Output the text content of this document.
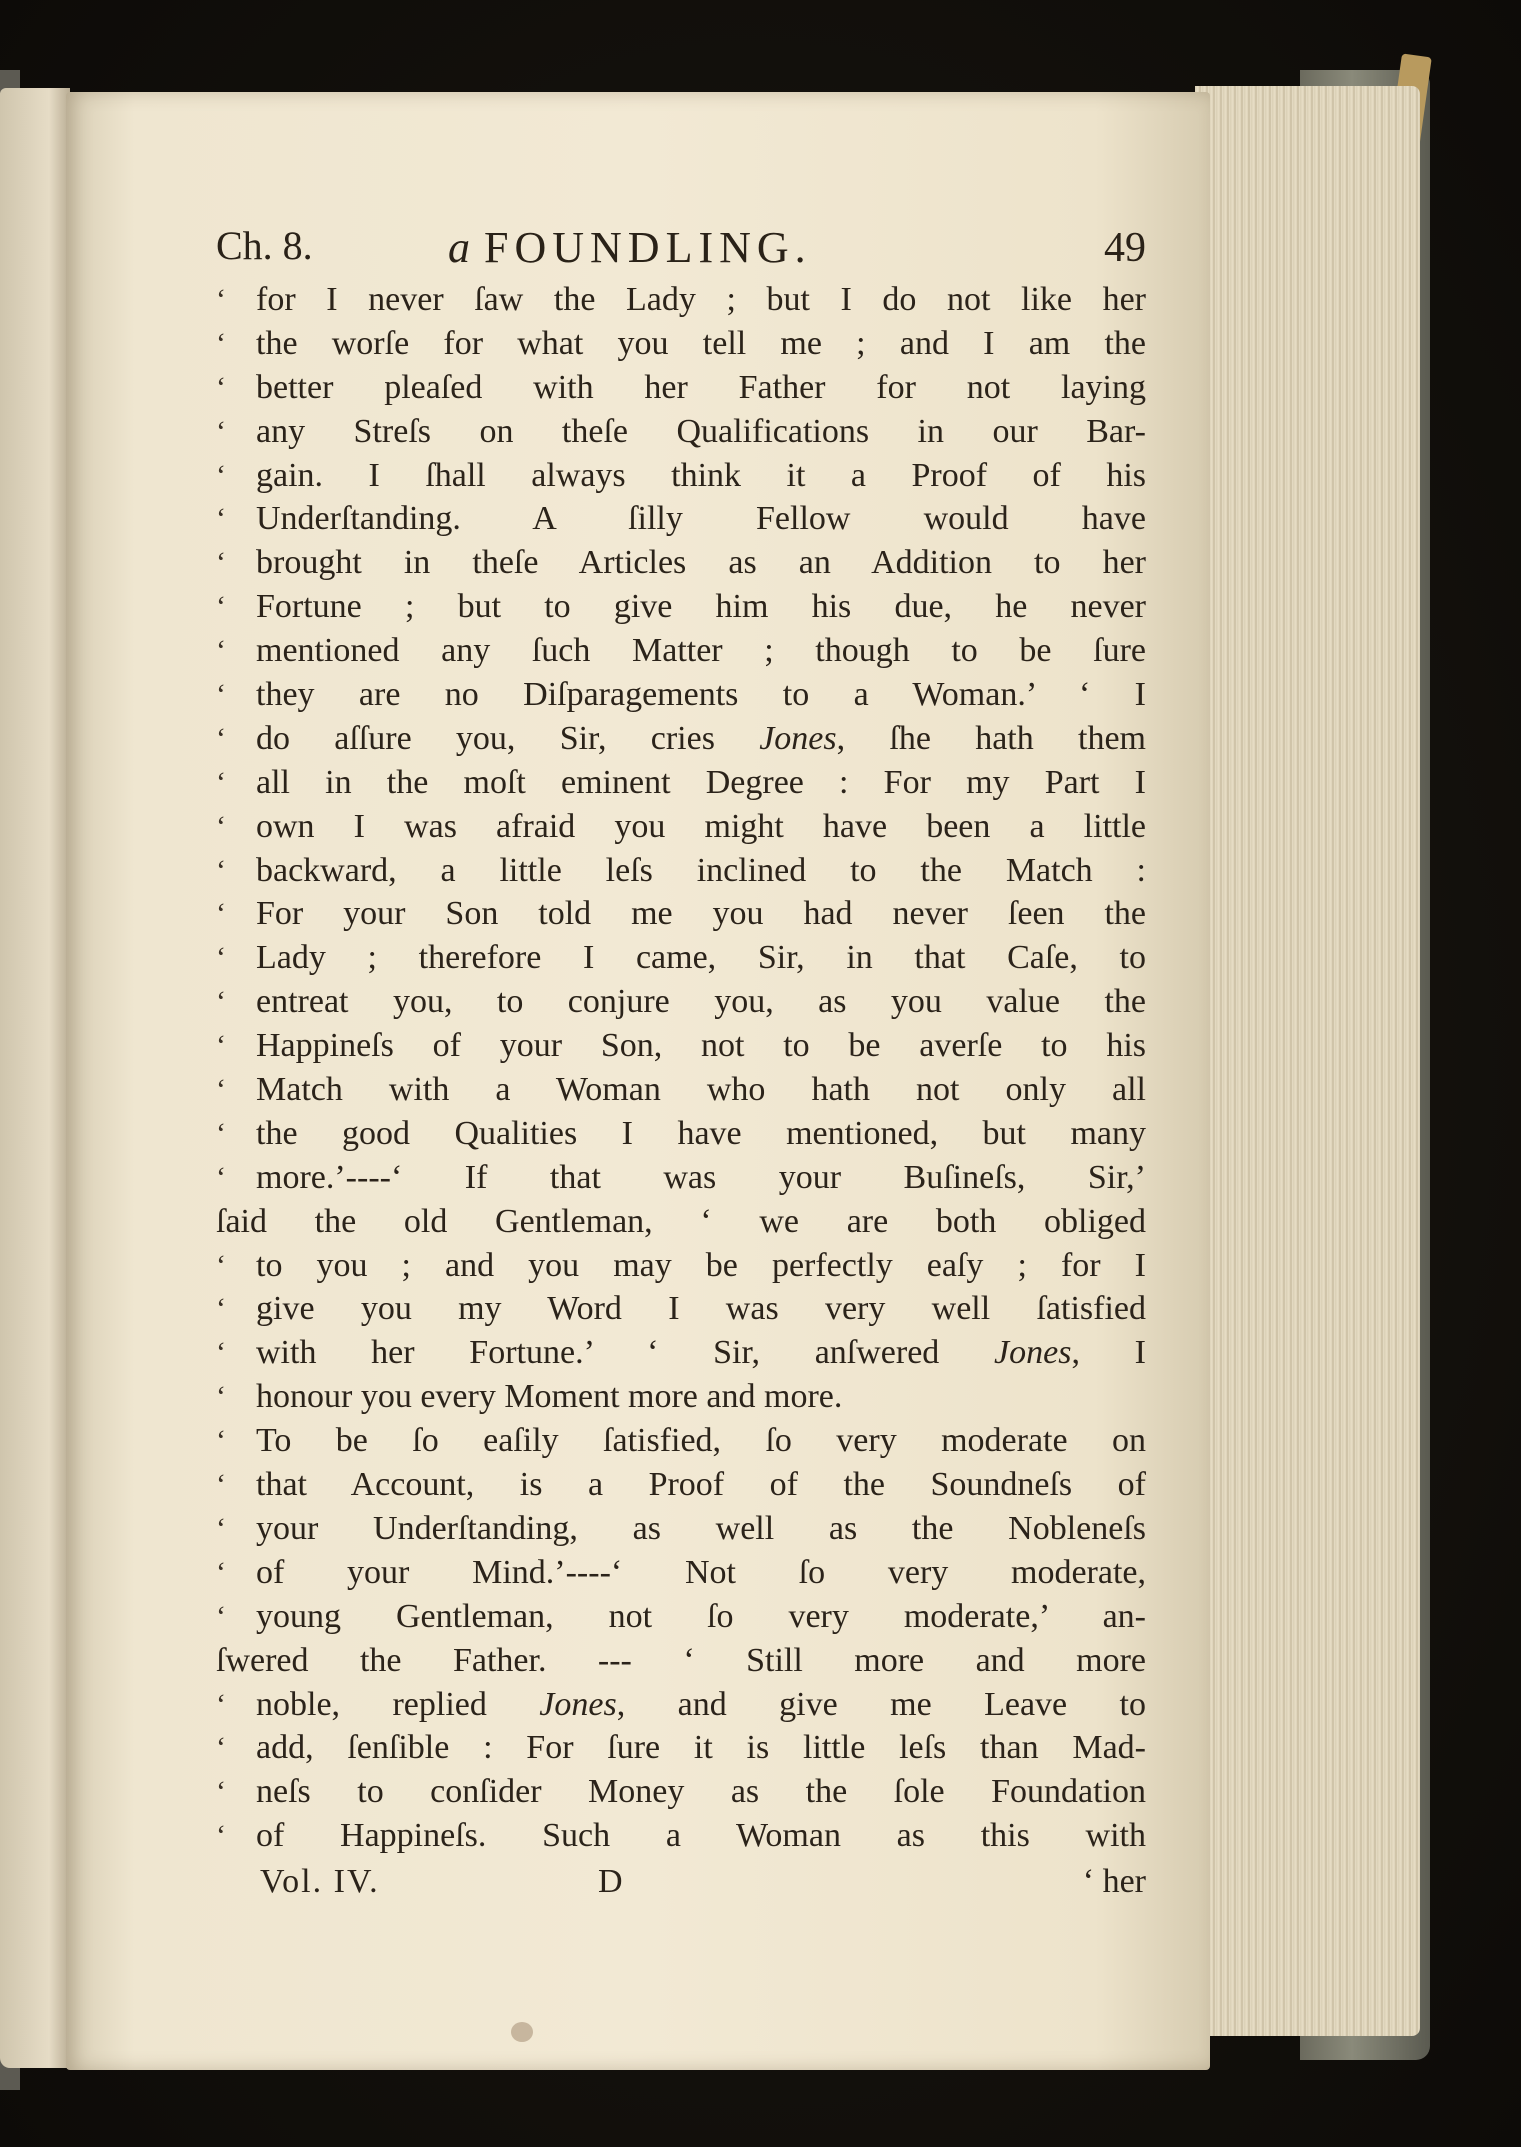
Ch. 8.	a FOUNDLING.	49
‘ for I never ſaw the Lady ; but I do not like her
‘ the worſe for what you tell me ; and I am the
‘ better pleaſed with her Father for not laying
‘ any Streſs on theſe Qualifications in our Bar-
‘ gain. I ſhall always think it a Proof of his
‘ Underſtanding. A ſilly Fellow would have
‘ brought in theſe Articles as an Addition to her
‘ Fortune ; but to give him his due, he never
‘ mentioned any ſuch Matter ; though to be ſure
‘ they are no Diſparagements to a Woman.’ ‘ I
‘ do aſſure you, Sir, cries Jones, ſhe hath them
‘ all in the moſt eminent Degree : For my Part I
‘ own I was afraid you might have been a little
‘ backward, a little leſs inclined to the Match :
‘ For your Son told me you had never ſeen the
‘ Lady ; therefore I came, Sir, in that Caſe, to
‘ entreat you, to conjure you, as you value the
‘ Happineſs of your Son, not to be averſe to his
‘ Match with a Woman who hath not only all
‘ the good Qualities I have mentioned, but many
‘ more.’----‘ If that was your Buſineſs, Sir,’
ſaid the old Gentleman, ‘ we are both obliged
‘ to you ; and you may be perfectly eaſy ; for I
‘ give you my Word I was very well ſatisfied
‘ with her Fortune.’ ‘ Sir, anſwered Jones, I
‘ honour you every Moment more and more.
‘ To be ſo eaſily ſatisfied, ſo very moderate on
‘ that Account, is a Proof of the Soundneſs of
‘ your Underſtanding, as well as the Nobleneſs
‘ of your Mind.’----‘ Not ſo very moderate,
‘ young Gentleman, not ſo very moderate,’ an-
ſwered the Father. --- ‘ Still more and more
‘ noble, replied Jones, and give me Leave to
‘ add, ſenſible : For ſure it is little leſs than Mad-
‘ neſs to conſider Money as the ſole Foundation
‘ of Happineſs. Such a Woman as this with
Vol. IV.	D	‘ her
